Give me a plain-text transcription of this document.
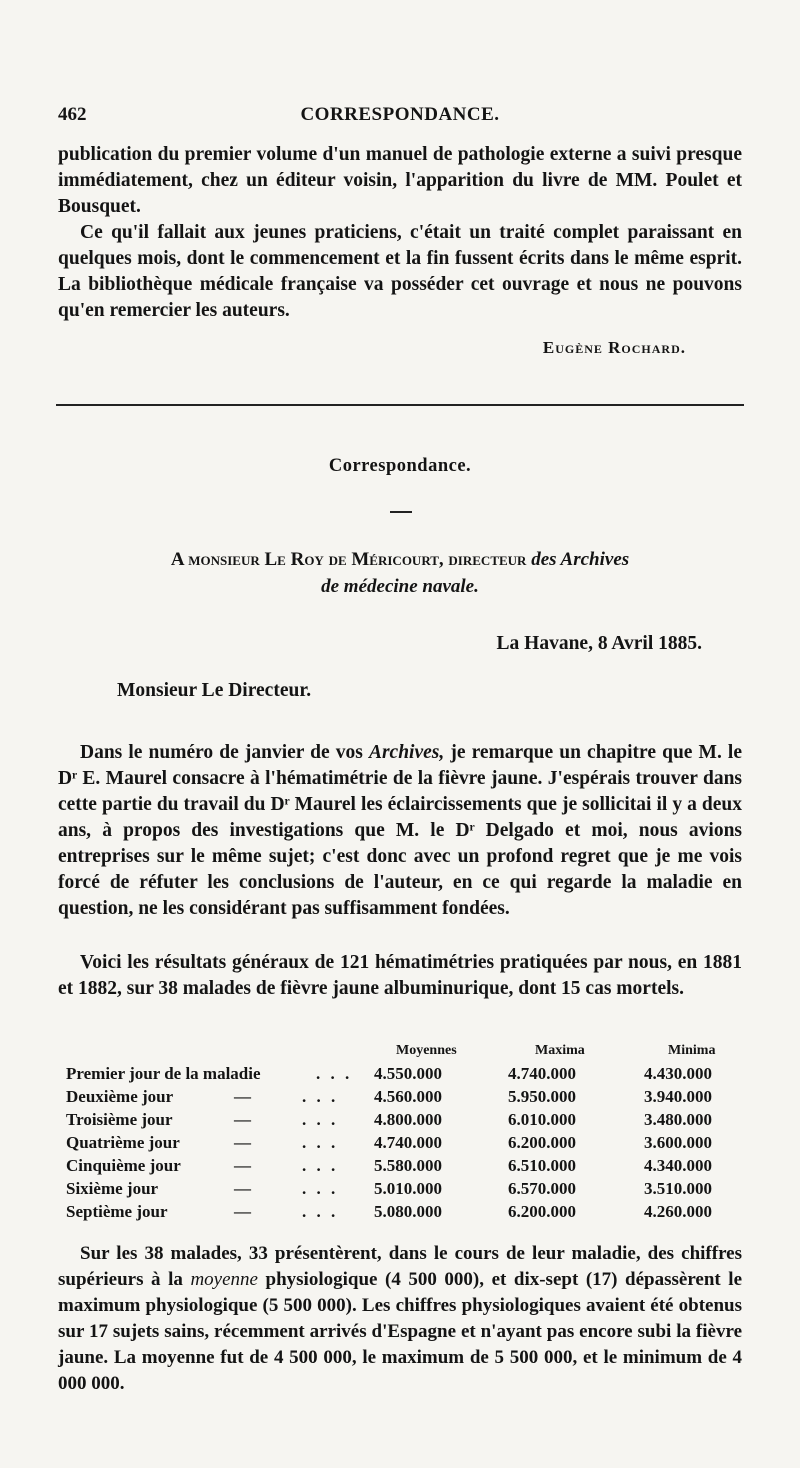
462	CORRESPONDANCE.
publication du premier volume d'un manuel de pathologie externe a suivi presque immédiatement, chez un éditeur voisin, l'apparition du livre de MM. Poulet et Bousquet.
Ce qu'il fallait aux jeunes praticiens, c'était un traité complet paraissant en quelques mois, dont le commencement et la fin fussent écrits dans le même esprit. La bibliothèque médicale française va posséder cet ouvrage et nous ne pouvons qu'en remercier les auteurs.
Eugène Rochard.
Correspondance.
A monsieur Le Roy de Méricourt, directeur des Archives
de médecine navale.
La Havane, 8 Avril 1885.
Monsieur Le Directeur.
Dans le numéro de janvier de vos Archives, je remarque un chapitre que M. le Dʳ E. Maurel consacre à l'hématimétrie de la fièvre jaune. J'espérais trouver dans cette partie du travail du Dʳ Maurel les éclaircissements que je sollicitai il y a deux ans, à propos des investigations que M. le Dʳ Delgado et moi, nous avions entreprises sur le même sujet; c'est donc avec un profond regret que je me vois forcé de réfuter les conclusions de l'auteur, en ce qui regarde la maladie en question, ne les considérant pas suffisamment fondées.
Voici les résultats généraux de 121 hématimétries pratiquées par nous, en 1881 et 1882, sur 38 malades de fièvre jaune albuminurique, dont 15 cas mortels.
Moyennes	Maxima	Minima
Premier jour de la maladie	. . . 4.550.000	4.740.000	4.430.000
Deuxième jour	—	. . . 4.560.000	5.950.000	3.940.000
Troisième jour	—	. . . 4.800.000	6.010.000	3.480.000
Quatrième jour	—	. . . 4.740.000	6.200.000	3.600.000
Cinquième jour	—	. . . 5.580.000	6.510.000	4.340.000
Sixième jour	—	. . . 5.010.000	6.570.000	3.510.000
Septième jour	—	. . . 5.080.000	6.200.000	4.260.000
Sur les 38 malades, 33 présentèrent, dans le cours de leur maladie, des chiffres supérieurs à la moyenne physiologique (4 500 000), et dix-sept (17) dépassèrent le maximum physiologique (5 500 000). Les chiffres physiologiques avaient été obtenus sur 17 sujets sains, récemment arrivés d'Espagne et n'ayant pas encore subi la fièvre jaune. La moyenne fut de 4 500 000, le maximum de 5 500 000, et le minimum de 4 000 000.
